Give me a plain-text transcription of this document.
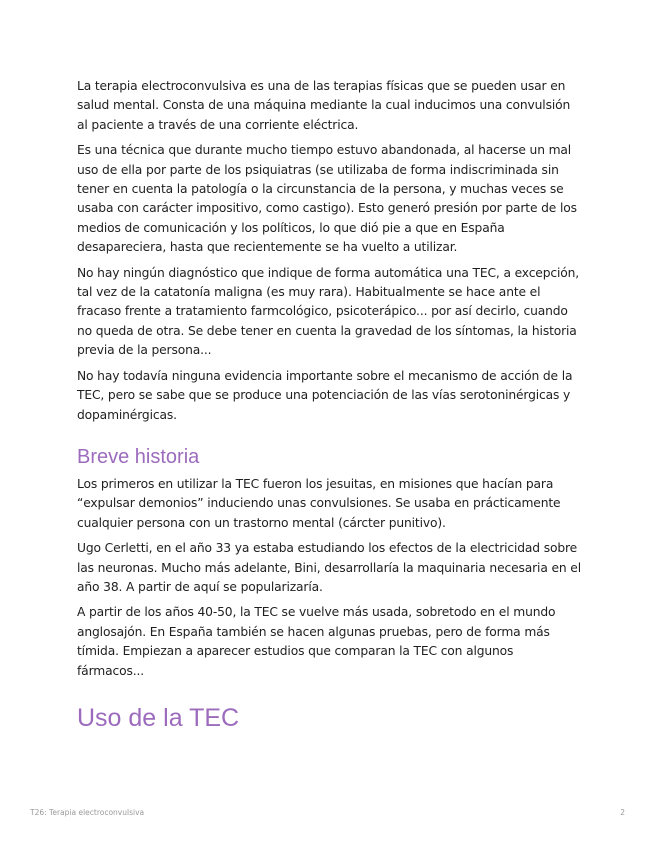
La terapia electroconvulsiva es una de las terapias físicas que se pueden usar en salud mental. Consta de una máquina mediante la cual inducimos una convulsión al paciente a través de una corriente eléctrica.

Es una técnica que durante mucho tiempo estuvo abandonada, al hacerse un mal uso de ella por parte de los psiquiatras (se utilizaba de forma indiscriminada sin tener en cuenta la patología o la circunstancia de la persona, y muchas veces se usaba con carácter impositivo, como castigo). Esto generó presión por parte de los medios de comunicación y los políticos, lo que dió pie a que en España desapareciera, hasta que recientemente se ha vuelto a utilizar.

No hay ningún diagnóstico que indique de forma automática una TEC, a excepción, tal vez de la catatonía maligna (es muy rara). Habitualmente se hace ante el fracaso frente a tratamiento farmcológico, psicoterápico... por así decirlo, cuando no queda de otra. Se debe tener en cuenta la gravedad de los síntomas, la historia previa de la persona...

No hay todavía ninguna evidencia importante sobre el mecanismo de acción de la TEC, pero se sabe que se produce una potenciación de las vías serotoninérgicas y dopaminérgicas.

Breve historia

Los primeros en utilizar la TEC fueron los jesuitas, en misiones que hacían para “expulsar demonios” induciendo unas convulsiones. Se usaba en prácticamente cualquier persona con un trastorno mental (cárcter punitivo).

Ugo Cerletti, en el año 33 ya estaba estudiando los efectos de la electricidad sobre las neuronas. Mucho más adelante, Bini, desarrollaría la maquinaria necesaria en el año 38. A partir de aquí se popularizaría.

A partir de los años 40-50, la TEC se vuelve más usada, sobretodo en el mundo anglosajón. En España también se hacen algunas pruebas, pero de forma más tímida. Empiezan a aparecer estudios que comparan la TEC con algunos fármacos...

Uso de la TEC
T26: Terapia electroconvulsiva	2
